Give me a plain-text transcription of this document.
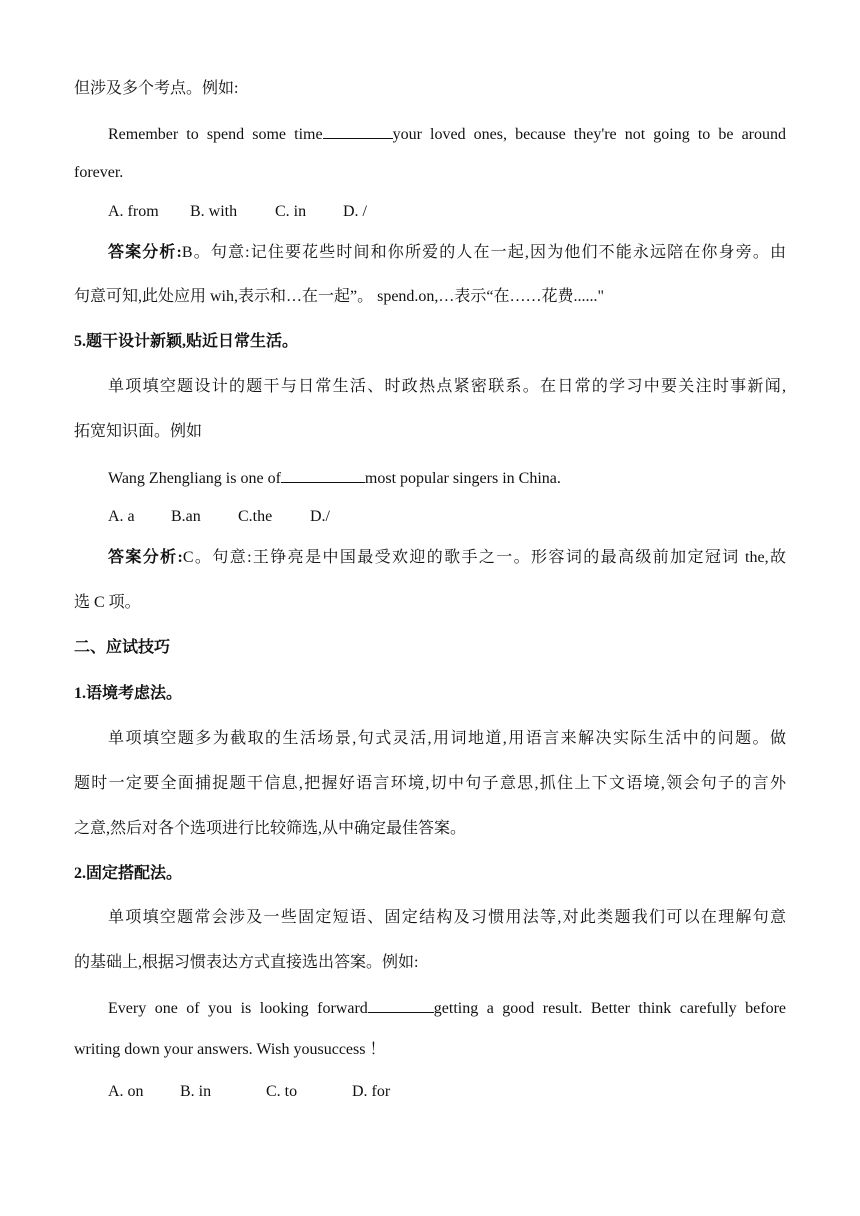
但涉及多个考点。例如:
Remember to spend some time	your loved ones, because they're not going to be around
forever.
A. from B. with C. in D. /
答案分析:B。句意:记住要花些时间和你所爱的人在一起,因为他们不能永远陪在你身旁。由
句意可知,此处应用 wih,表示和…在一起”。 spend.on,…表示“在……花费......"
5.题干设计新颖,贴近日常生活。
单项填空题设计的题干与日常生活、时政热点紧密联系。在日常的学习中要关注时事新闻,
拓宽知识面。例如
Wang Zhengliang is one of	most popular singers in China.
A. a B.an C.the D./
答案分析:C。句意:王铮亮是中国最受欢迎的歌手之一。形容词的最高级前加定冠词 the,故
选 C 项。
二、应试技巧
1.语境考虑法。
单项填空题多为截取的生活场景,句式灵活,用词地道,用语言来解决实际生活中的问题。做
题时一定要全面捕捉题干信息,把握好语言环境,切中句子意思,抓住上下文语境,领会句子的言外
之意,然后对各个选项进行比较筛选,从中确定最佳答案。
2.固定搭配法。
单项填空题常会涉及一些固定短语、固定结构及习惯用法等,对此类题我们可以在理解句意
的基础上,根据习惯表达方式直接选出答案。例如:
Every one of you is looking forward	getting a good result. Better think carefully before
writing down your answers. Wish yousuccess ！
A. on B. in	C. to	D. for
